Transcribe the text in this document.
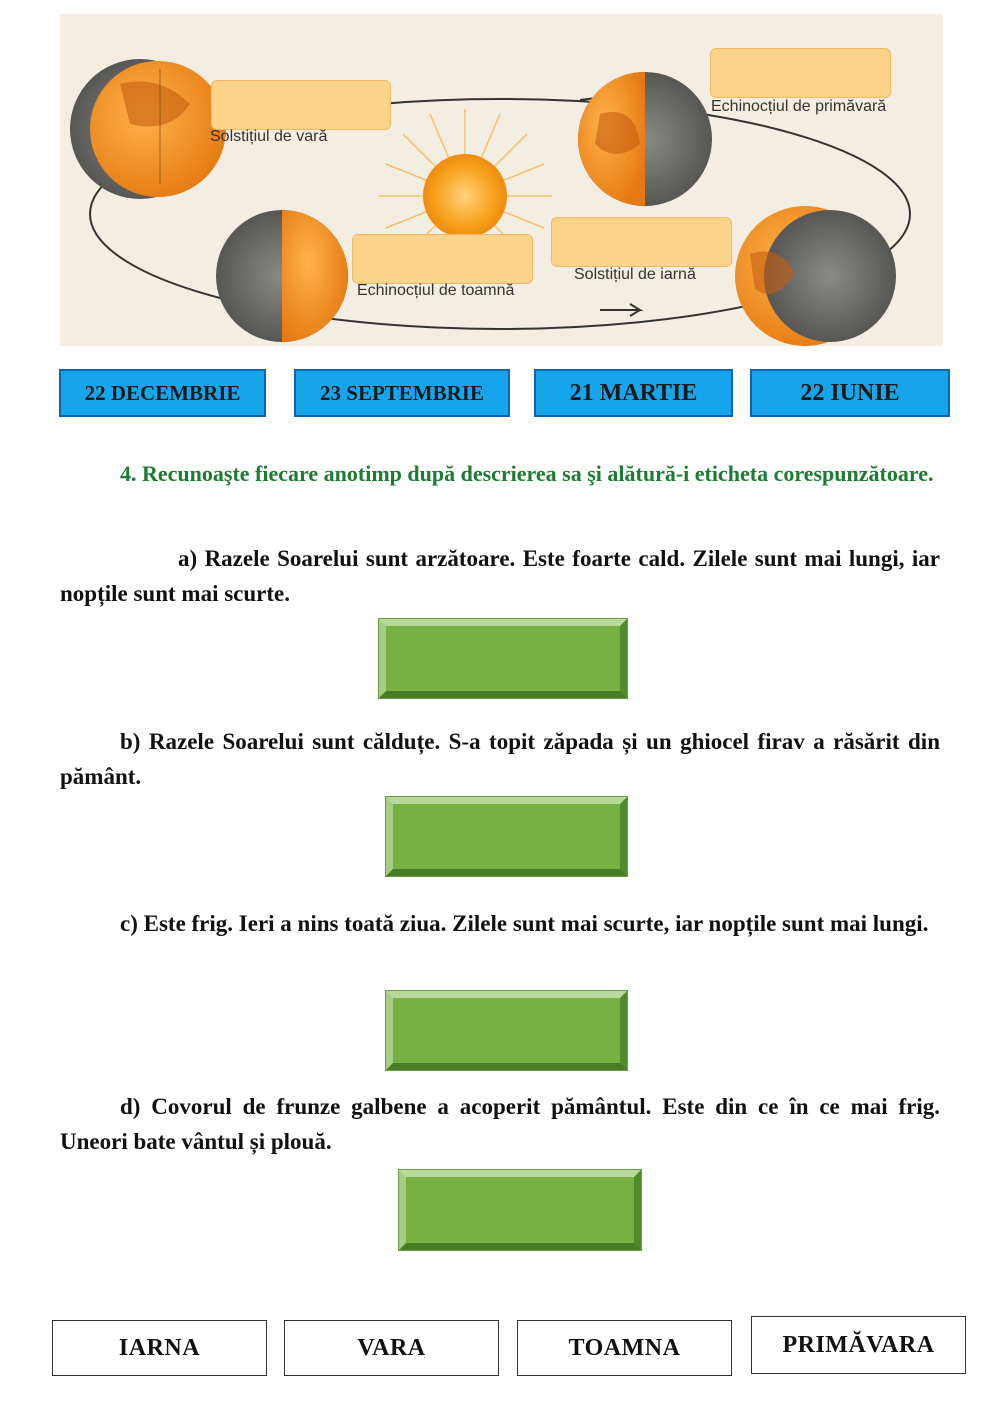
Solstițiul de vară
Echinocțiul de primăvară
Echinocțiul de toamnă
Solstițiul de iarnă
22 DECEMBRIE	23 SEPTEMBRIE	21 MARTIE	22 IUNIE
4. Recunoaşte fiecare anotimp după descrierea sa şi alătură-i eticheta corespunzătoare.
a) Razele Soarelui sunt arzătoare. Este foarte cald. Zilele sunt mai lungi, iar nopțile sunt mai scurte.
b) Razele Soarelui sunt călduțe. S-a topit zăpada și un ghiocel firav a răsărit din pământ.
c) Este frig. Ieri a nins toată ziua. Zilele sunt mai scurte, iar nopțile sunt mai lungi.
d) Covorul de frunze galbene a acoperit pământul. Este din ce în ce mai frig. Uneori bate vântul și plouă.
IARNA	VARA	TOAMNA	PRIMĂVARA
